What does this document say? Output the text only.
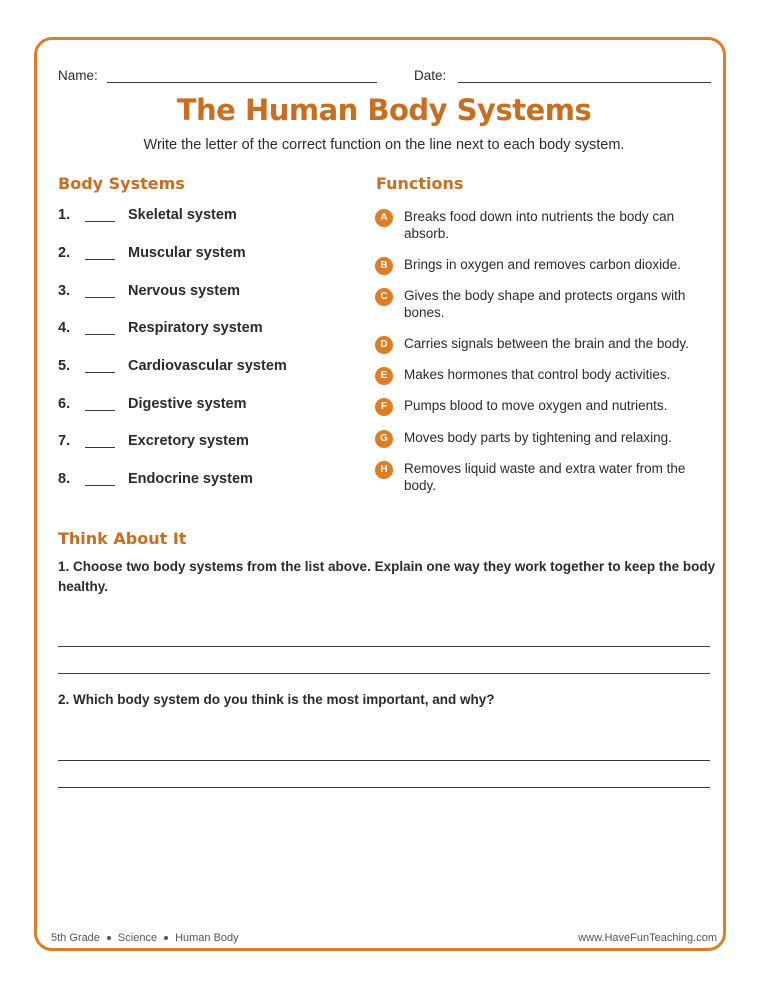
Name:	Date:
The Human Body Systems
Write the letter of the correct function on the line next to each body system.
Body Systems	Functions
1.	Skeletal system
2.	Muscular system
3.	Nervous system
4.	Respiratory system
5.	Cardiovascular system
6.	Digestive system
7.	Excretory system
8.	Endocrine system
A	Breaks food down into nutrients the body can absorb.
B	Brings in oxygen and removes carbon dioxide.
C	Gives the body shape and protects organs with bones.
D	Carries signals between the brain and the body.
E	Makes hormones that control body activities.
F	Pumps blood to move oxygen and nutrients.
G	Moves body parts by tightening and relaxing.
H	Removes liquid waste and extra water from the body.
Think About It
1. Choose two body systems from the list above. Explain one way they work together to keep the body healthy.
2. Which body system do you think is the most important, and why?
5th Grade Science Human Body	www.HaveFunTeaching.com
